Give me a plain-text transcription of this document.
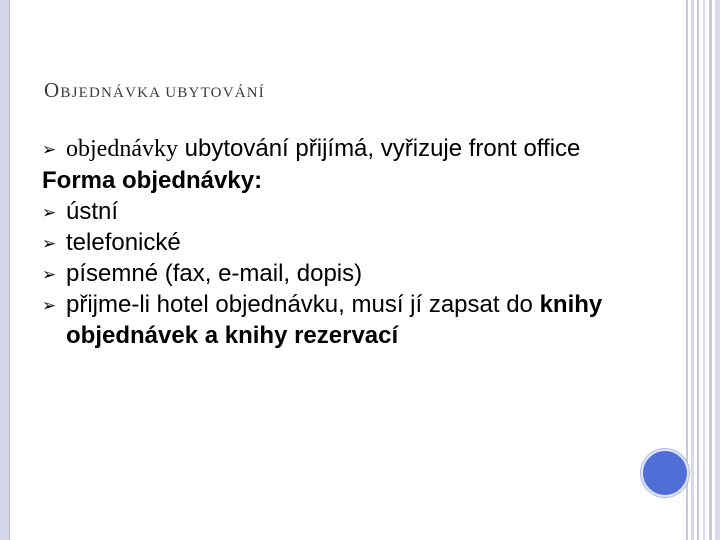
OBJEDNÁVKA UBYTOVÁNÍ
➢ objednávky ubytování přijímá, vyřizuje front office
Forma objednávky:
➢ ústní
➢ telefonické
➢ písemné (fax, e-mail, dopis)
➢ přijme-li hotel objednávku, musí jí zapsat do knihy objednávek a knihy rezervací
